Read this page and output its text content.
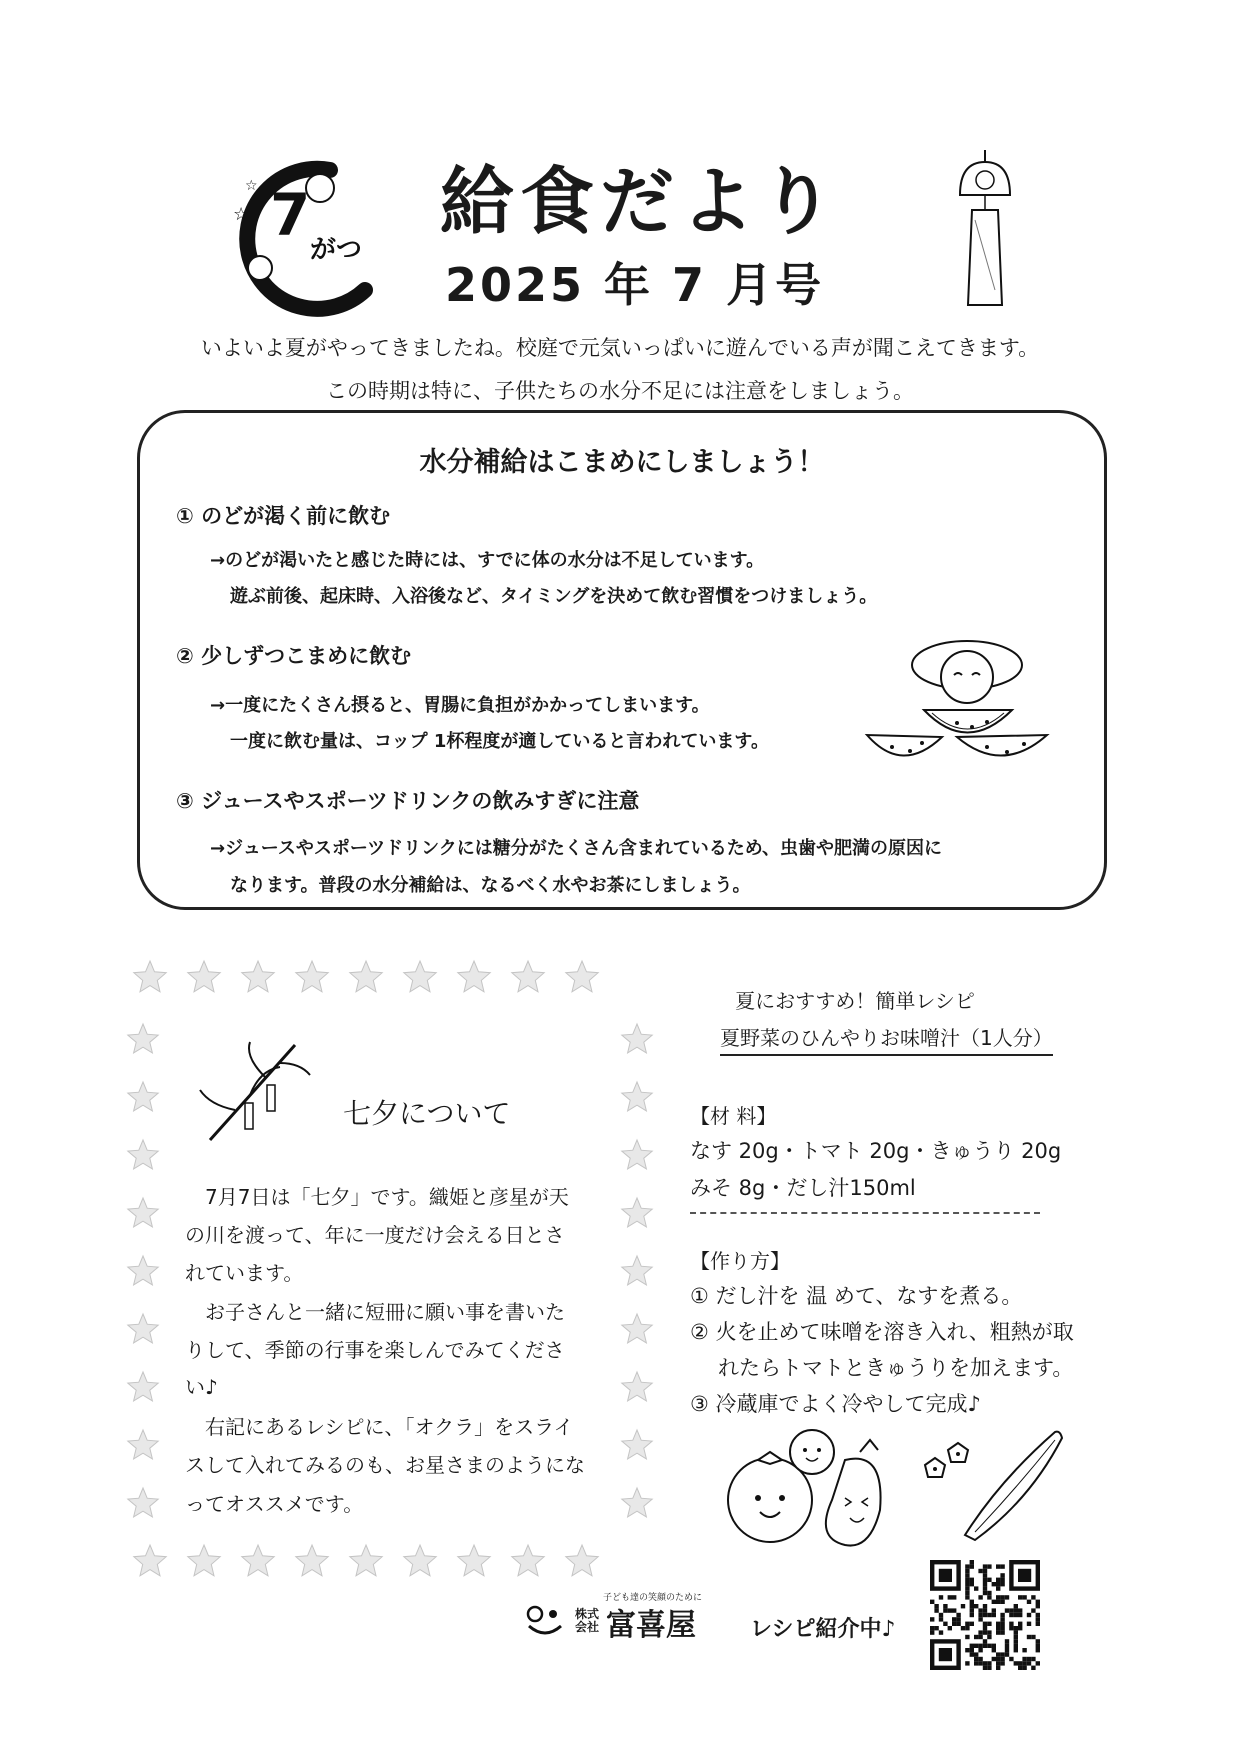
7
がつ
☆
☆ 給食だより
2025 年 7 月号
いよいよ夏がやってきましたね。校庭で元気いっぱいに遊んでいる声が聞こえてきます。
この時期は特に、子供たちの水分不足には注意をしましょう。
水分補給はこまめにしましょう！
① のどが渇く前に飲む
→のどが渇いたと感じた時には、すでに体の水分は不足しています。
遊ぶ前後、起床時、入浴後など、タイミングを決めて飲む習慣をつけましょう。
② 少しずつこまめに飲む
→一度にたくさん摂ると、胃腸に負担がかかってしまいます。
一度に飲む量は、コップ 1杯程度が適していると言われています。
③ ジュースやスポーツドリンクの飲みすぎに注意
→ジュースやスポーツドリンクには糖分がたくさん含まれているため、虫歯や肥満の原因に
なります。普段の水分補給は、なるべく水やお茶にしましょう。
七夕について
　7月7日は「七夕」です。織姫と彦星が天
の川を渡って、年に一度だけ会える日とさ
れています。
　お子さんと一緒に短冊に願い事を書いた
りして、季節の行事を楽しんでみてくださ
い♪
　右記にあるレシピに、「オクラ」をスライ
スして入れてみるのも、お星さまのようにな
ってオススメです。
夏におすすめ！簡単レシピ
夏野菜のひんやりお味噌汁（1人分）
【材 料】
なす 20g・トマト 20g・きゅうり 20g
みそ 8g・だし汁150ml
【作り方】
① だし汁を 温 めて、なすを煮る。
② 火を止めて味噌を溶き入れ、粗熱が取
れたらトマトときゅうりを加えます。
③ 冷蔵庫でよく冷やして完成♪
子ども達の笑顔のために
株式会社 富喜屋 レシピ紹介中♪
